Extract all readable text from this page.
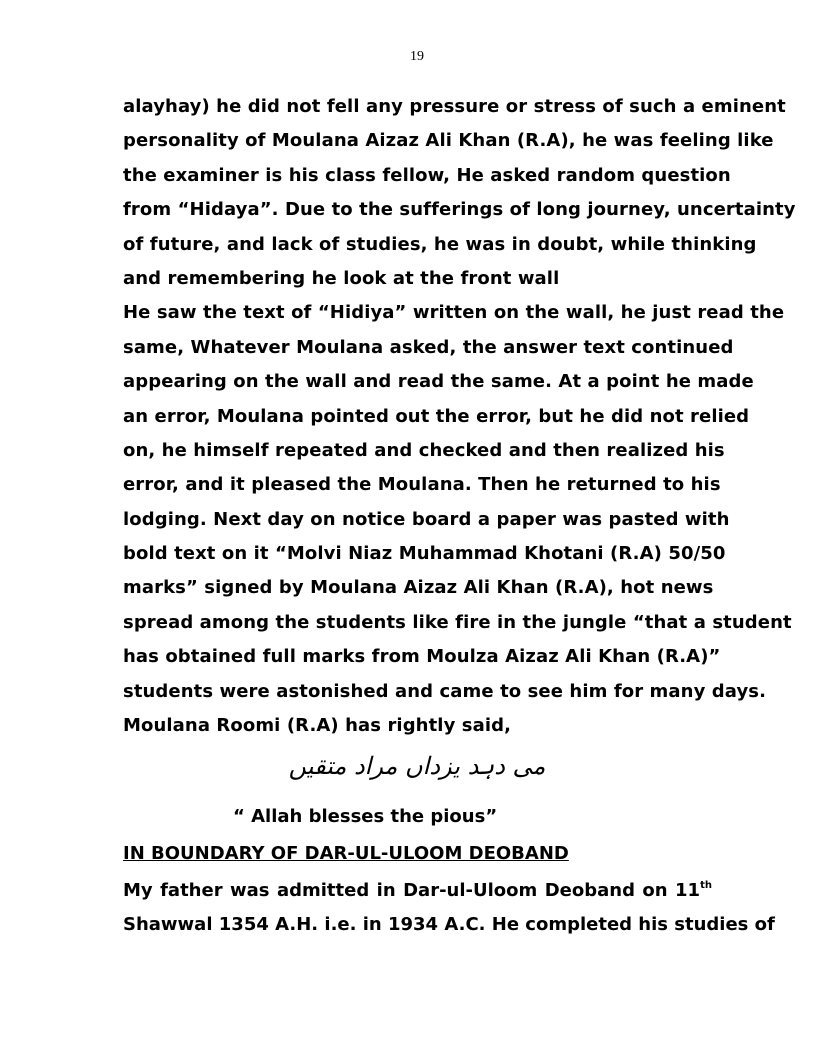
19
alayhay) he did not fell any pressure or stress of such a eminent
personality of Moulana Aizaz Ali Khan (R.A), he was feeling like
the examiner is his class fellow, He asked random question
from “Hidaya”. Due to the sufferings of long journey, uncertainty
of future, and lack of studies, he was in doubt, while thinking
and remembering he look at the front wall
He saw the text of “Hidiya” written on the wall, he just read the
same, Whatever Moulana asked, the answer text continued
appearing on the wall and read the same. At a point he made
an error, Moulana pointed out the error, but he did not relied
on, he himself repeated and checked and then realized his
error, and it pleased the Moulana. Then he returned to his
lodging. Next day on notice board a paper was pasted with
bold text on it “Molvi Niaz Muhammad Khotani (R.A) 50/50
marks” signed by Moulana Aizaz Ali Khan (R.A), hot news
spread among the students like fire in the jungle “that a student
has obtained full marks from Moulza Aizaz Ali Khan (R.A)”
students were astonished and came to see him for many days.
Moulana Roomi (R.A) has rightly said,
می دہد یزداں مراد متقیں
“ Allah blesses the pious”
IN BOUNDARY OF DAR-UL-ULOOM DEOBAND
My father was admitted in Dar-ul-Uloom Deoband on 11th
Shawwal 1354 A.H. i.e. in 1934 A.C. He completed his studies of
